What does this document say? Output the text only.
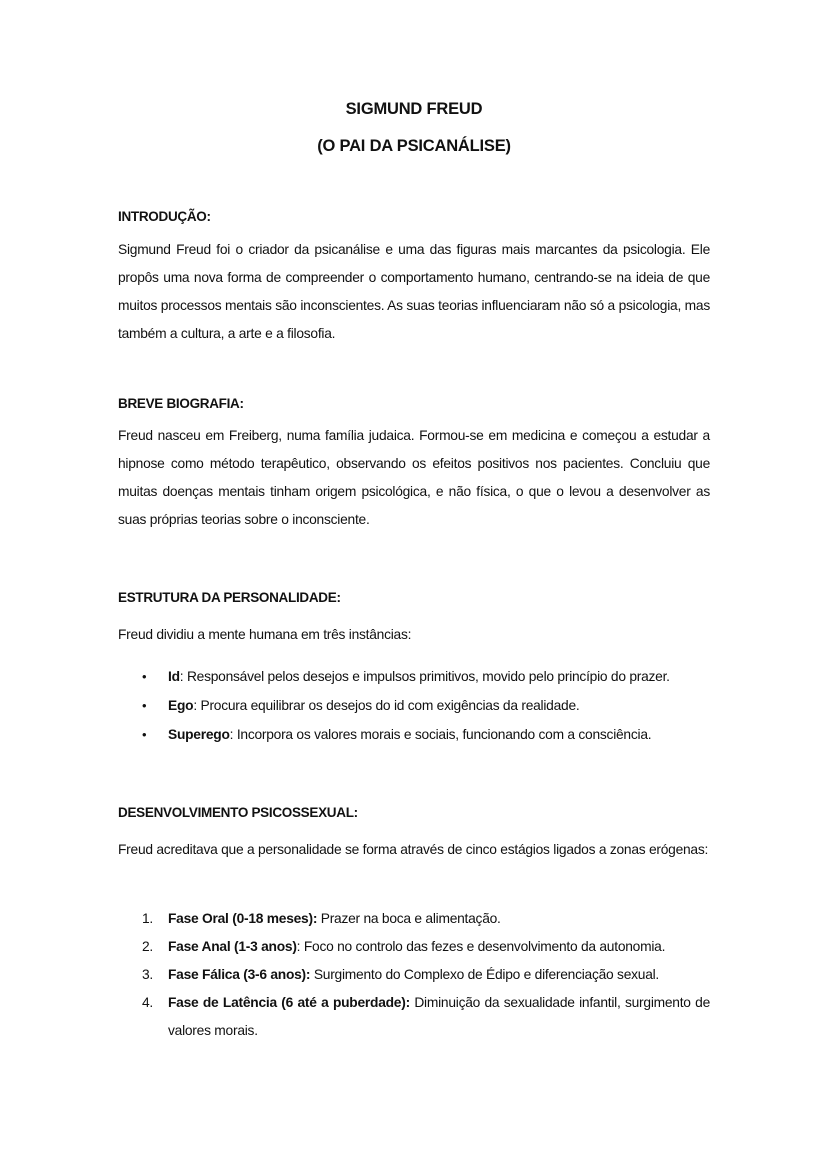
SIGMUND FREUD
(O PAI DA PSICANÁLISE)
INTRODUÇÃO:
Sigmund Freud foi o criador da psicanálise e uma das figuras mais marcantes da psicologia. Ele propôs uma nova forma de compreender o comportamento humano, centrando-se na ideia de que muitos processos mentais são inconscientes. As suas teorias influenciaram não só a psicologia, mas também a cultura, a arte e a filosofia.
BREVE BIOGRAFIA:
Freud nasceu em Freiberg, numa família judaica. Formou-se em medicina e começou a estudar a hipnose como método terapêutico, observando os efeitos positivos nos pacientes. Concluiu que muitas doenças mentais tinham origem psicológica, e não física, o que o levou a desenvolver as suas próprias teorias sobre o inconsciente.
ESTRUTURA DA PERSONALIDADE:
Freud dividiu a mente humana em três instâncias:
• Id: Responsável pelos desejos e impulsos primitivos, movido pelo princípio do prazer.
• Ego: Procura equilibrar os desejos do id com exigências da realidade.
• Superego: Incorpora os valores morais e sociais, funcionando com a consciência.
DESENVOLVIMENTO PSICOSSEXUAL:
Freud acreditava que a personalidade se forma através de cinco estágios ligados a zonas erógenas:
1. Fase Oral (0-18 meses): Prazer na boca e alimentação.
2. Fase Anal (1-3 anos): Foco no controlo das fezes e desenvolvimento da autonomia.
3. Fase Fálica (3-6 anos): Surgimento do Complexo de Édipo e diferenciação sexual.
4. Fase de Latência (6 até a puberdade): Diminuição da sexualidade infantil, surgimento de valores morais.
